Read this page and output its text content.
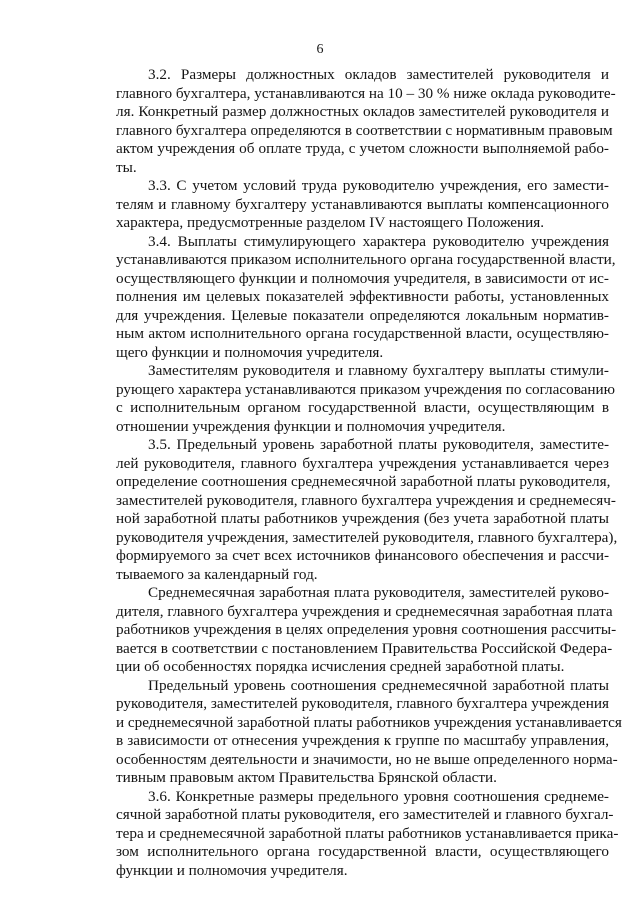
6
3.2. Размеры должностных окладов заместителей руководителя и
главного бухгалтера, устанавливаются на 10 – 30 % ниже оклада руководите-
ля. Конкретный размер должностных окладов заместителей руководителя и
главного бухгалтера определяются в соответствии с нормативным правовым
актом учреждения об оплате труда, с учетом сложности выполняемой рабо-
ты.
3.3. С учетом условий труда руководителю учреждения, его замести-
телям и главному бухгалтеру устанавливаются выплаты компенсационного
характера, предусмотренные разделом IV настоящего Положения.
3.4. Выплаты стимулирующего характера руководителю учреждения
устанавливаются приказом исполнительного органа государственной власти,
осуществляющего функции и полномочия учредителя, в зависимости от ис-
полнения им целевых показателей эффективности работы, установленных
для учреждения. Целевые показатели определяются локальным норматив-
ным актом исполнительного органа государственной власти, осуществляю-
щего функции и полномочия учредителя.
Заместителям руководителя и главному бухгалтеру выплаты стимули-
рующего характера устанавливаются приказом учреждения по согласованию
с исполнительным органом государственной власти, осуществляющим в
отношении учреждения функции и полномочия учредителя.
3.5. Предельный уровень заработной платы руководителя, заместите-
лей руководителя, главного бухгалтера учреждения устанавливается через
определение соотношения среднемесячной заработной платы руководителя,
заместителей руководителя, главного бухгалтера учреждения и среднемесяч-
ной заработной платы работников учреждения (без учета заработной платы
руководителя учреждения, заместителей руководителя, главного бухгалтера),
формируемого за счет всех источников финансового обеспечения и рассчи-
тываемого за календарный год.
Среднемесячная заработная плата руководителя, заместителей руково-
дителя, главного бухгалтера учреждения и среднемесячная заработная плата
работников учреждения в целях определения уровня соотношения рассчиты-
вается в соответствии с постановлением Правительства Российской Федера-
ции об особенностях порядка исчисления средней заработной платы.
Предельный уровень соотношения среднемесячной заработной платы
руководителя, заместителей руководителя, главного бухгалтера учреждения
и среднемесячной заработной платы работников учреждения устанавливается
в зависимости от отнесения учреждения к группе по масштабу управления,
особенностям деятельности и значимости, но не выше определенного норма-
тивным правовым актом Правительства Брянской области.
3.6. Конкретные размеры предельного уровня соотношения среднеме-
сячной заработной платы руководителя, его заместителей и главного бухгал-
тера и среднемесячной заработной платы работников устанавливается прика-
зом исполнительного органа государственной власти, осуществляющего
функции и полномочия учредителя.
